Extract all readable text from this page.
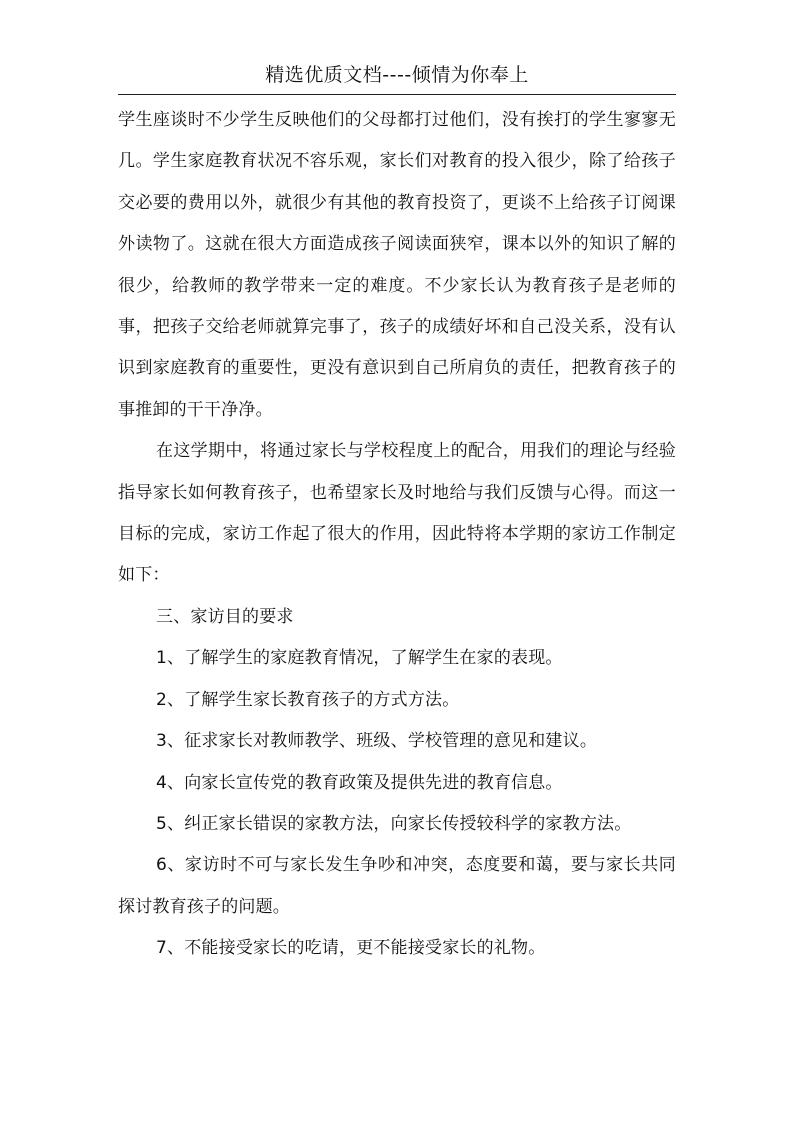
精选优质文档----倾情为你奉上

学生座谈时不少学生反映他们的父母都打过他们，没有挨打的学生寥寥无几。学生家庭教育状况不容乐观，家长们对教育的投入很少，除了给孩子交必要的费用以外，就很少有其他的教育投资了，更谈不上给孩子订阅课外读物了。这就在很大方面造成孩子阅读面狭窄，课本以外的知识了解的很少，给教师的教学带来一定的难度。不少家长认为教育孩子是老师的事，把孩子交给老师就算完事了，孩子的成绩好坏和自己没关系，没有认识到家庭教育的重要性，更没有意识到自己所肩负的责任，把教育孩子的事推卸的干干净净。

在这学期中，将通过家长与学校程度上的配合，用我们的理论与经验指导家长如何教育孩子，也希望家长及时地给与我们反馈与心得。而这一目标的完成，家访工作起了很大的作用，因此特将本学期的家访工作制定如下：

三、家访目的要求

1、了解学生的家庭教育情况，了解学生在家的表现。

2、了解学生家长教育孩子的方式方法。

3、征求家长对教师教学、班级、学校管理的意见和建议。

4、向家长宣传党的教育政策及提供先进的教育信息。

5、纠正家长错误的家教方法，向家长传授较科学的家教方法。

6、家访时不可与家长发生争吵和冲突，态度要和蔼，要与家长共同探讨教育孩子的问题。

7、不能接受家长的吃请，更不能接受家长的礼物。
